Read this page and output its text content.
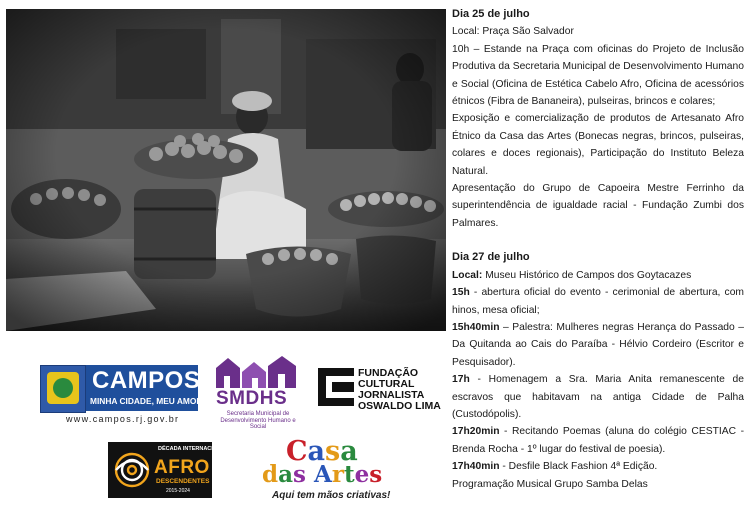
Dia 25 de julho

Local: Praça São Salvador

10h – Estande na Praça com oficinas do Projeto de Inclusão Produtiva da Secretaria Municipal de Desenvolvimento Humano e Social (Oficina de Estética Cabelo Afro, Oficina de acessórios étnicos (Fibra de Bananeira), pulseiras, brincos e colares;

Exposição e comercialização de produtos de Artesanato Afro Étnico da Casa das Artes (Bonecas negras, brincos, pulseiras, colares e doces regionais), Participação do Instituto Beleza Natural.

Apresentação do Grupo de Capoeira Mestre Ferrinho da superintendência de igualdade racial - Fundação Zumbi dos Palmares.

Dia 27 de julho

Local: Museu Histórico de Campos dos Goytacazes

15h - abertura oficial do evento - cerimonial de abertura, com hinos, mesa oficial;

15h40min – Palestra: Mulheres negras Herança do Passado – Da Quitanda ao Cais do Paraíba - Hélvio Cordeiro (Escritor e Pesquisador).

17h - Homenagem a Sra. Maria Anita remanescente de escravos que habitavam na antiga Cidade de Palha (Custodópolis).

17h20min - Recitando Poemas (aluna do colégio CESTIAC - Brenda Rocha - 1º lugar do festival de poesia).

17h40min - Desfile Black Fashion 4ª Edição.

Programação Musical Grupo Samba Delas

CAMPOS
MINHA CIDADE, MEU AMOR.
www.campos.rj.gov.br
SMDHS
Secretaria Municipal de Desenvolvimento Humano e Social
FUNDAÇÃO
CULTURAL
JORNALISTA
OSWALDO LIMA
DÉCADA INTERNACIONAL DE
AFRO
DESCENDENTES
2015-2024
Casa
das Artes
Aqui tem mãos criativas!
